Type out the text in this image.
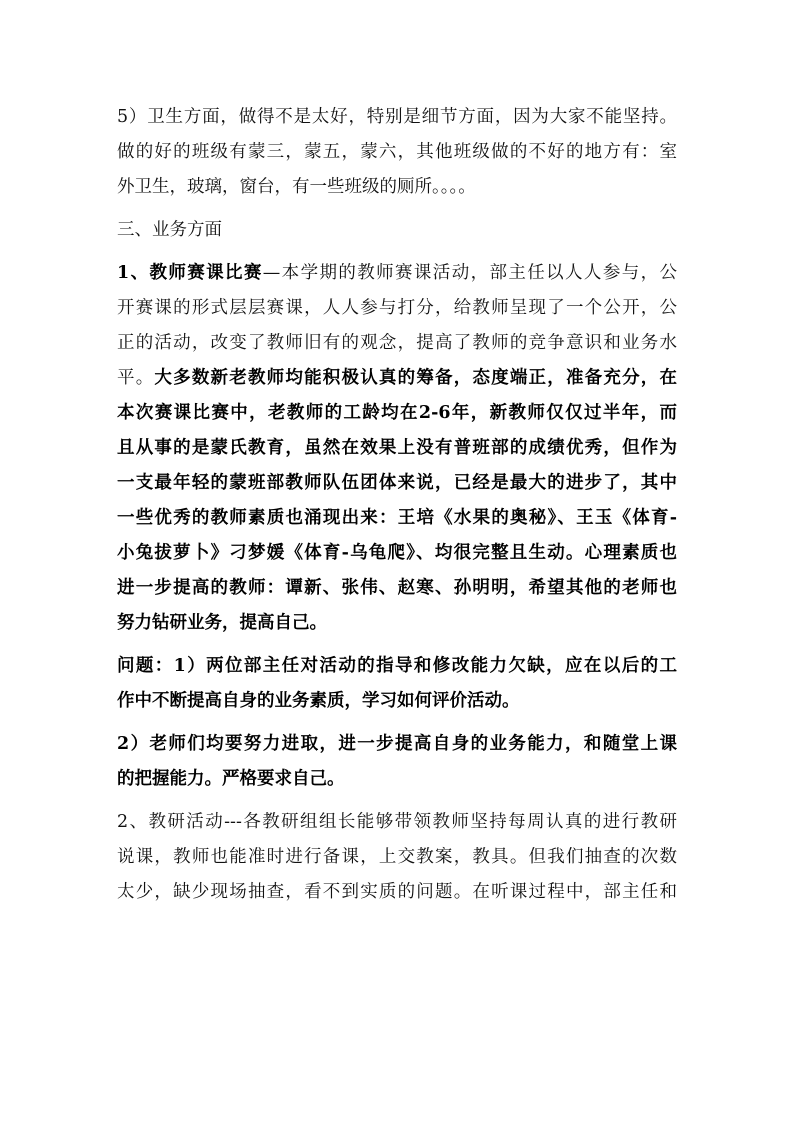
5）卫生方面，做得不是太好，特别是细节方面，因为大家不能坚持。
做的好的班级有蒙三，蒙五，蒙六，其他班级做的不好的地方有：室
外卫生，玻璃，窗台，有一些班级的厕所。。。。
三、业务方面
1、教师赛课比赛—本学期的教师赛课活动，部主任以人人参与，公
开赛课的形式层层赛课，人人参与打分，给教师呈现了一个公开，公
正的活动，改变了教师旧有的观念，提高了教师的竞争意识和业务水
平。大多数新老教师均能积极认真的筹备，态度端正，准备充分，在
本次赛课比赛中，老教师的工龄均在2-6年，新教师仅仅过半年，而
且从事的是蒙氏教育，虽然在效果上没有普班部的成绩优秀，但作为
一支最年轻的蒙班部教师队伍团体来说，已经是最大的进步了，其中
一些优秀的教师素质也涌现出来：王培《水果的奥秘》、王玉《体育-
小兔拔萝卜》刁梦媛《体育-乌龟爬》、均很完整且生动。心理素质也
进一步提高的教师：谭新、张伟、赵寒、孙明明，希望其他的老师也
努力钻研业务，提高自己。
问题：1）两位部主任对活动的指导和修改能力欠缺，应在以后的工
作中不断提高自身的业务素质，学习如何评价活动。
2）老师们均要努力进取，进一步提高自身的业务能力，和随堂上课
的把握能力。严格要求自己。
2、教研活动---各教研组组长能够带领教师坚持每周认真的进行教研
说课，教师也能准时进行备课，上交教案，教具。但我们抽查的次数
太少，缺少现场抽查，看不到实质的问题。在听课过程中，部主任和
